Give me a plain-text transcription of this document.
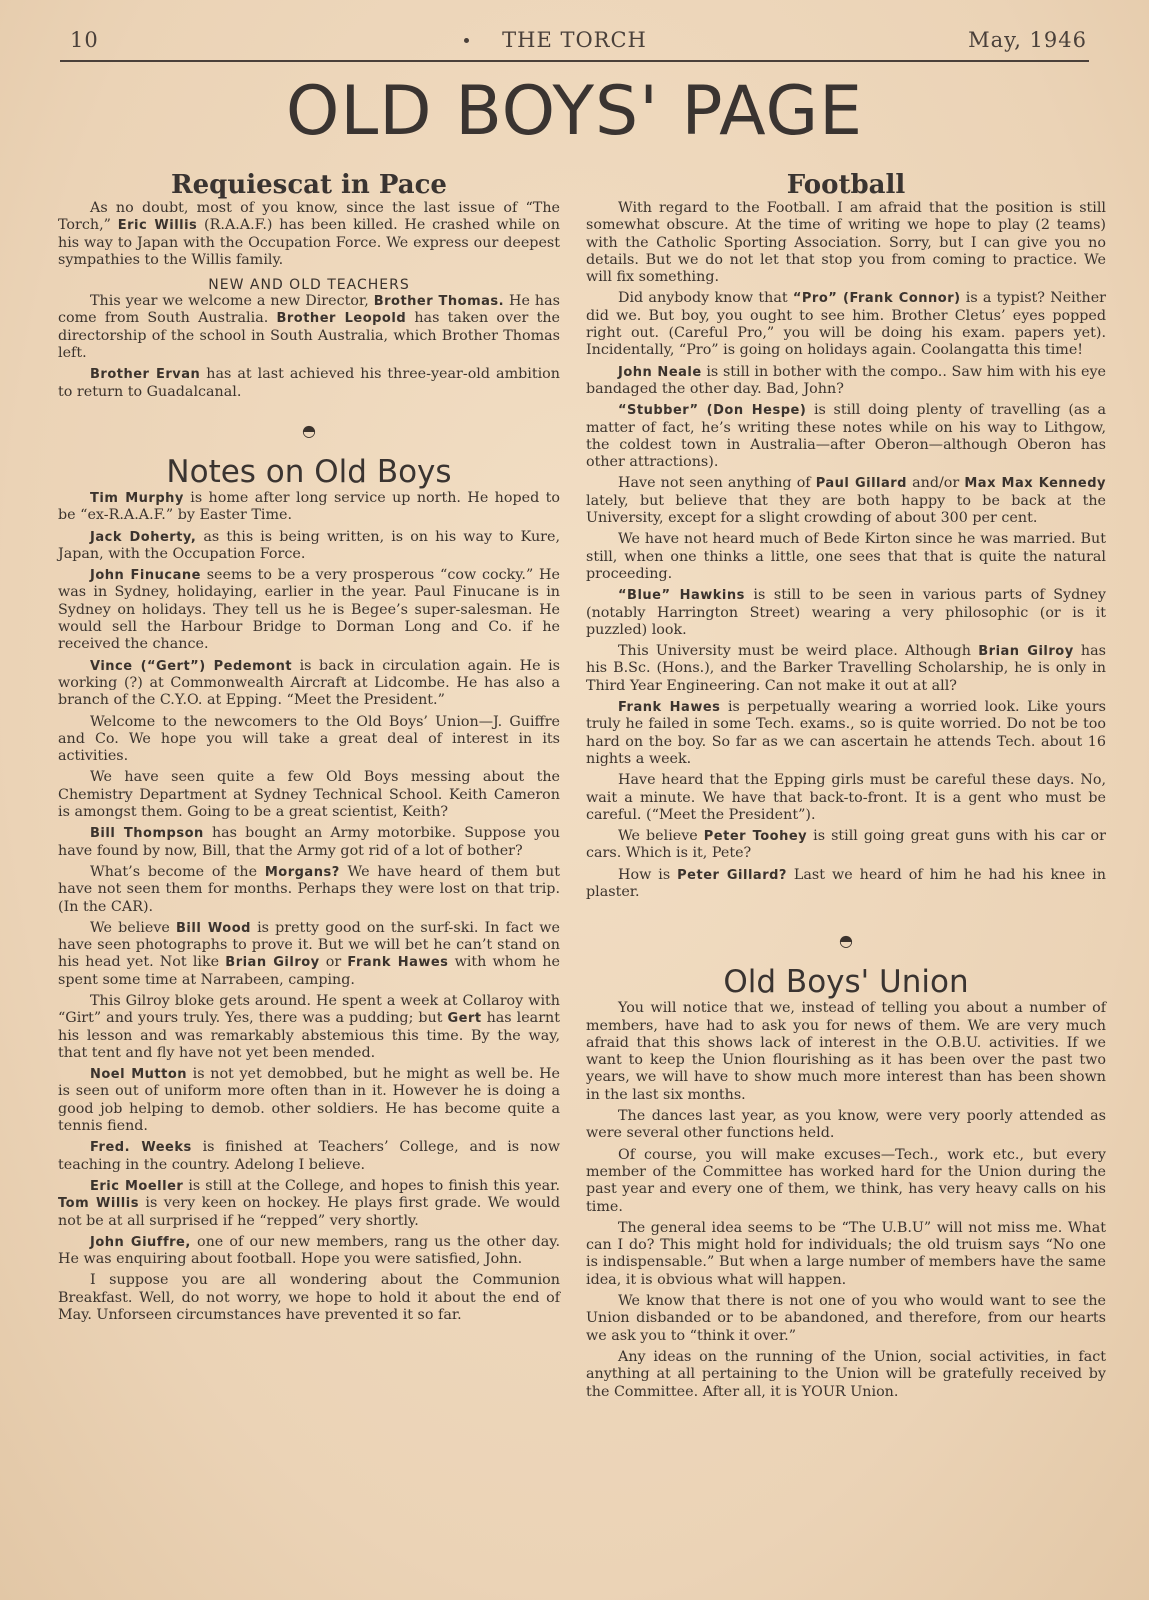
10	THE TORCH	May, 1946
OLD BOYS' PAGE
Requiescat in Pace

As no doubt, most of you know, since the last issue of “The Torch,” Eric Willis (R.A.A.F.) has been killed. He crashed while on his way to Japan with the Occupation Force. We express our deepest sympathies to the Willis family.

NEW AND OLD TEACHERS

This year we welcome a new Director, Brother Thomas. He has come from South Australia. Brother Leopold has taken over the directorship of the school in South Australia, which Brother Thomas left.

Brother Ervan has at last achieved his three-year-old ambition to return to Guadalcanal.

◓
Notes on Old Boys

Tim Murphy is home after long service up north. He hoped to be “ex-R.A.A.F.” by Easter Time.

Jack Doherty, as this is being written, is on his way to Kure, Japan, with the Occupation Force.

John Finucane seems to be a very prosperous “cow cocky.” He was in Sydney, holidaying, earlier in the year. Paul Finucane is in Sydney on holidays. They tell us he is Begee’s super-salesman. He would sell the Harbour Bridge to Dorman Long and Co. if he received the chance.

Vince (“Gert”) Pedemont is back in circulation again. He is working (?) at Commonwealth Aircraft at Lidcombe. He has also a branch of the C.Y.O. at Epping. “Meet the President.”

Welcome to the newcomers to the Old Boys’ Union—J. Guiffre and Co. We hope you will take a great deal of interest in its activities.

We have seen quite a few Old Boys messing about the Chemistry Department at Sydney Technical School. Keith Cameron is amongst them. Going to be a great scientist, Keith?

Bill Thompson has bought an Army motorbike. Suppose you have found by now, Bill, that the Army got rid of a lot of bother?

What’s become of the Morgans? We have heard of them but have not seen them for months. Perhaps they were lost on that trip. (In the CAR).

We believe Bill Wood is pretty good on the surf-ski. In fact we have seen photographs to prove it. But we will bet he can’t stand on his head yet. Not like Brian Gilroy or Frank Hawes with whom he spent some time at Narrabeen, camping.

This Gilroy bloke gets around. He spent a week at Collaroy with “Girt” and yours truly. Yes, there was a pudding; but Gert has learnt his lesson and was remarkably abstemious this time. By the way, that tent and fly have not yet been mended.

Noel Mutton is not yet demobbed, but he might as well be. He is seen out of uniform more often than in it. However he is doing a good job helping to demob. other soldiers. He has become quite a tennis fiend.

Fred. Weeks is finished at Teachers’ College, and is now teaching in the country. Adelong I believe.

Eric Moeller is still at the College, and hopes to finish this year. Tom Willis is very keen on hockey. He plays first grade. We would not be at all surprised if he “repped” very shortly.

John Giuffre, one of our new members, rang us the other day. He was enquiring about football. Hope you were satisfied, John.

I suppose you are all wondering about the Communion Breakfast. Well, do not worry, we hope to hold it about the end of May. Unforseen circumstances have prevented it so far.

Football

With regard to the Football. I am afraid that the position is still somewhat obscure. At the time of writing we hope to play (2 teams) with the Catholic Sporting Association. Sorry, but I can give you no details. But we do not let that stop you from coming to practice. We will fix something.

Did anybody know that “Pro” (Frank Connor) is a typist? Neither did we. But boy, you ought to see him. Brother Cletus’ eyes popped right out. (Careful Pro,” you will be doing his exam. papers yet). Incidentally, “Pro” is going on holidays again. Coolangatta this time!

John Neale is still in bother with the compo.. Saw him with his eye bandaged the other day. Bad, John?

“Stubber” (Don Hespe) is still doing plenty of travelling (as a matter of fact, he’s writing these notes while on his way to Lithgow, the coldest town in Australia—after Oberon—although Oberon has other attractions).

Have not seen anything of Paul Gillard and/or Max Max Kennedy lately, but believe that they are both happy to be back at the University, except for a slight crowding of about 300 per cent.

We have not heard much of Bede Kirton since he was married. But still, when one thinks a little, one sees that that is quite the natural proceeding.

“Blue” Hawkins is still to be seen in various parts of Sydney (notably Harrington Street) wearing a very philosophic (or is it puzzled) look.

This University must be weird place. Although Brian Gilroy has his B.Sc. (Hons.), and the Barker Travelling Scholarship, he is only in Third Year Engineering. Can not make it out at all?

Frank Hawes is perpetually wearing a worried look. Like yours truly he failed in some Tech. exams., so is quite worried. Do not be too hard on the boy. So far as we can ascertain he attends Tech. about 16 nights a week.

Have heard that the Epping girls must be careful these days. No, wait a minute. We have that back-to-front. It is a gent who must be careful. (“Meet the President”).

We believe Peter Toohey is still going great guns with his car or cars. Which is it, Pete?

How is Peter Gillard? Last we heard of him he had his knee in plaster.

◓
Old Boys' Union

You will notice that we, instead of telling you about a number of members, have had to ask you for news of them. We are very much afraid that this shows lack of interest in the O.B.U. activities. If we want to keep the Union flourishing as it has been over the past two years, we will have to show much more interest than has been shown in the last six months.

The dances last year, as you know, were very poorly attended as were several other functions held.

Of course, you will make excuses—Tech., work etc., but every member of the Committee has worked hard for the Union during the past year and every one of them, we think, has very heavy calls on his time.

The general idea seems to be “The U.B.U” will not miss me. What can I do? This might hold for individuals; the old truism says “No one is indispensable.” But when a large number of members have the same idea, it is obvious what will happen.

We know that there is not one of you who would want to see the Union disbanded or to be abandoned, and therefore, from our hearts we ask you to “think it over.”

Any ideas on the running of the Union, social activities, in fact anything at all pertaining to the Union will be gratefully received by the Committee. After all, it is YOUR Union.
